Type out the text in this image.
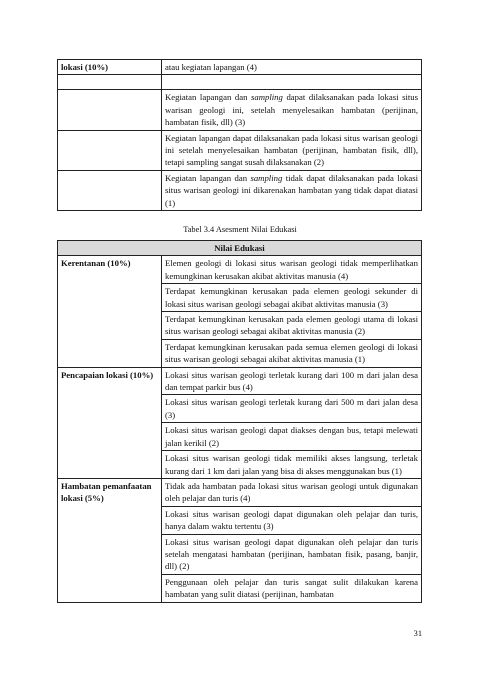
lokasi (10%)	atau kegiatan lapangan (4)

	Kegiatan lapangan dan sampling dapat dilaksanakan pada lokasi situs warisan geologi ini, setelah menyelesaikan hambatan (perijinan, hambatan fisik, dll) (3)
	Kegiatan lapangan dapat dilaksanakan pada lokasi situs warisan geologi ini setelah menyelesaikan hambatan (perijinan, hambatan fisik, dll), tetapi sampling sangat susah dilaksanakan (2)
	Kegiatan lapangan dan sampling tidak dapat dilaksanakan pada lokasi situs warisan geologi ini dikarenakan hambatan yang tidak dapat diatasi (1)
Tabel 3.4 Asesment Nilai Edukasi
Nilai Edukasi	
Kerentanan (10%)	Elemen geologi di lokasi situs warisan geologi tidak memperlihatkan kemungkinan kerusakan akibat aktivitas manusia (4)
	Terdapat kemungkinan kerusakan pada elemen geologi sekunder di lokasi situs warisan geologi sebagai akibat aktivitas manusia (3)
	Terdapat kemungkinan kerusakan pada elemen geologi utama di lokasi situs warisan geologi sebagai akibat aktivitas manusia (2)
	Terdapat kemungkinan kerusakan pada semua elemen geologi di lokasi situs warisan geologi sebagai akibat aktivitas manusia (1)
Pencapaian lokasi (10%)	Lokasi situs warisan geologi terletak kurang dari 100 m dari jalan desa dan tempat parkir bus (4)
	Lokasi situs warisan geologi terletak kurang dari 500 m dari jalan desa (3)
	Lokasi situs warisan geologi dapat diakses dengan bus, tetapi melewati jalan kerikil (2)
	Lokasi situs warisan geologi tidak memiliki akses langsung, terletak kurang dari 1 km dari jalan yang bisa di akses menggunakan bus (1)
Hambatan pemanfaatan lokasi (5%)	Tidak ada hambatan pada lokasi situs warisan geologi untuk digunakan oleh pelajar dan turis (4)
	Lokasi situs warisan geologi dapat digunakan oleh pelajar dan turis, hanya dalam waktu tertentu (3)
	Lokasi situs warisan geologi dapat digunakan oleh pelajar dan turis setelah mengatasi hambatan (perijinan, hambatan fisik, pasang, banjir, dll) (2)
	Penggunaan oleh pelajar dan turis sangat sulit dilakukan karena hambatan yang sulit diatasi (perijinan, hambatan
31
